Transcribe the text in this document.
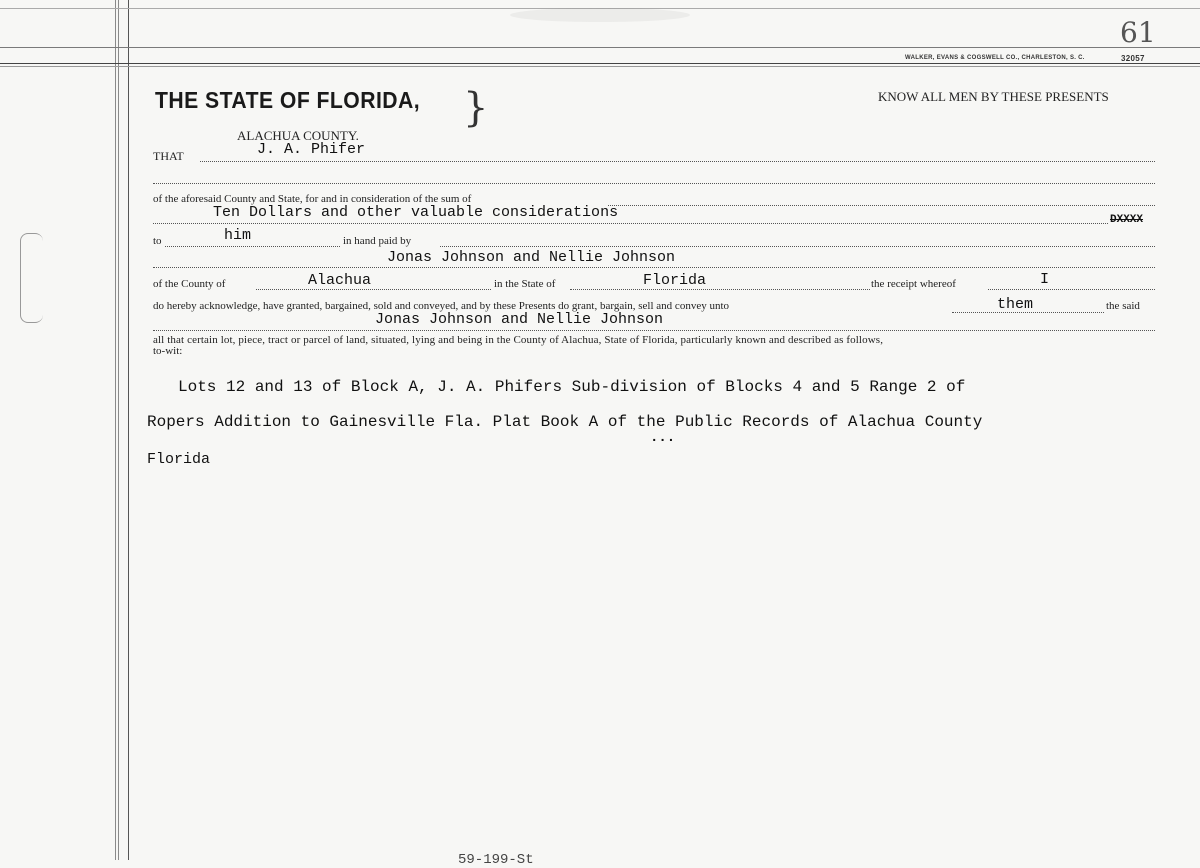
61
WALKER, EVANS & COGSWELL CO., CHARLESTON, S. C.	32057
THE STATE OF FLORIDA, }	KNOW ALL MEN BY THESE PRESENTS
ALACHUA COUNTY.
THAT	J. A. Phifer
of the aforesaid County and State, for and in consideration of the sum of
Ten Dollars and other valuable considerations	DXXXX
to	him	in hand paid by
Jonas Johnson and Nellie Johnson
of the County of	Alachua	in the State of	Florida	the receipt whereof	I
do hereby acknowledge, have granted, bargained, sold and conveyed, and by these Presents do grant, bargain, sell and convey unto	them	the said
Jonas Johnson and Nellie Johnson
all that certain lot, piece, tract or parcel of land, situated, lying and being in the County of Alachua, State of Florida, particularly known and described as follows,
to-wit:
Lots 12 and 13 of Block A, J. A. Phifers Sub-division of Blocks 4 and 5 Range 2 of
Ropers Addition to Gainesville Fla. Plat Book A of the Public Records of Alachua County
...
Florida
59-199-St
